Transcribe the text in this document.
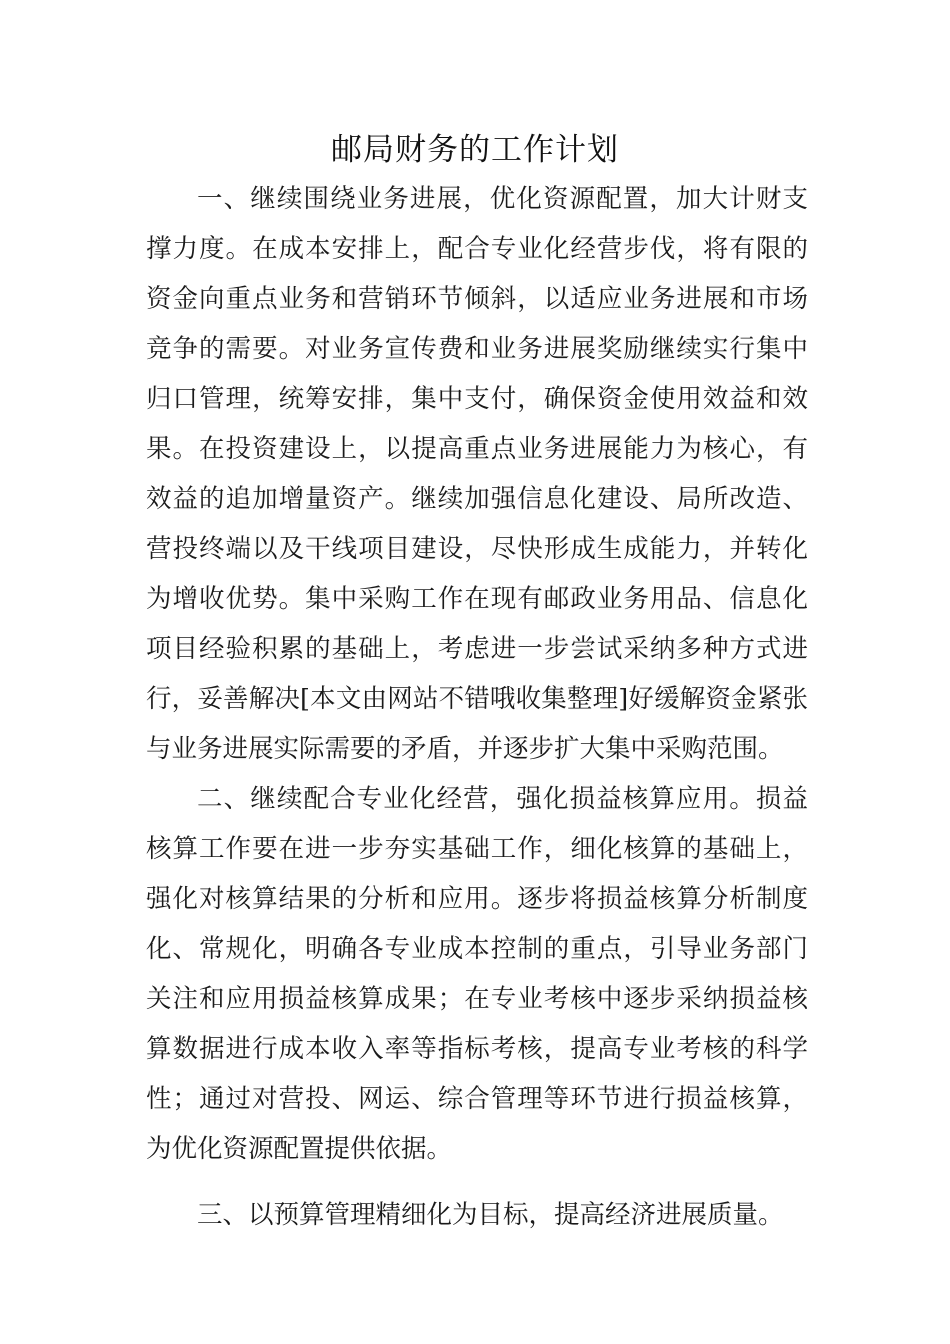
邮局财务的工作计划

一、继续围绕业务进展，优化资源配置，加大计财支撑力度。在成本安排上，配合专业化经营步伐，将有限的资金向重点业务和营销环节倾斜，以适应业务进展和市场竞争的需要。对业务宣传费和业务进展奖励继续实行集中归口管理，统筹安排，集中支付，确保资金使用效益和效果。在投资建设上，以提高重点业务进展能力为核心，有效益的追加增量资产。继续加强信息化建设、局所改造、营投终端以及干线项目建设，尽快形成生成能力，并转化为增收优势。集中采购工作在现有邮政业务用品、信息化项目经验积累的基础上，考虑进一步尝试采纳多种方式进行，妥善解决[本文由网站不错哦收集整理]好缓解资金紧张与业务进展实际需要的矛盾，并逐步扩大集中采购范围。

二、继续配合专业化经营，强化损益核算应用。损益核算工作要在进一步夯实基础工作，细化核算的基础上，强化对核算结果的分析和应用。逐步将损益核算分析制度化、常规化，明确各专业成本控制的重点，引导业务部门关注和应用损益核算成果；在专业考核中逐步采纳损益核算数据进行成本收入率等指标考核，提高专业考核的科学性；通过对营投、网运、综合管理等环节进行损益核算，为优化资源配置提供依据。

三、以预算管理精细化为目标，提高经济进展质量。
